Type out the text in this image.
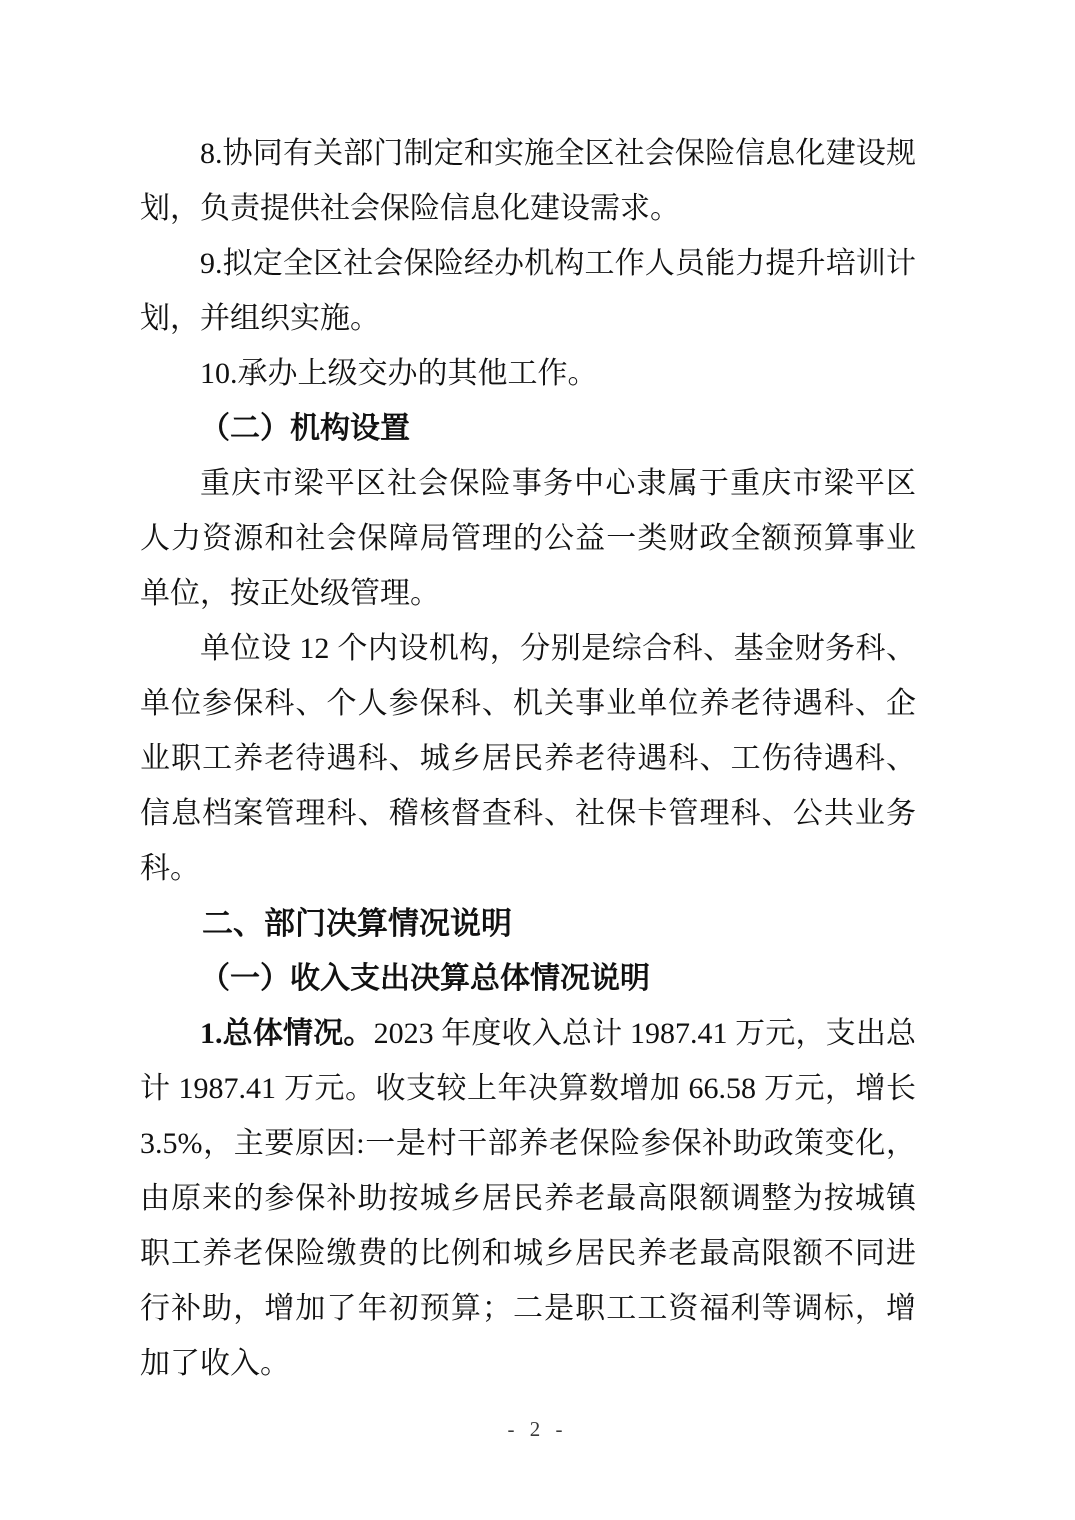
8.协同有关部门制定和实施全区社会保险信息化建设规划，负责提供社会保险信息化建设需求。

9.拟定全区社会保险经办机构工作人员能力提升培训计划，并组织实施。

10.承办上级交办的其他工作。

（二）机构设置

重庆市梁平区社会保险事务中心隶属于重庆市梁平区人力资源和社会保障局管理的公益一类财政全额预算事业单位，按正处级管理。

单位设 12 个内设机构，分别是综合科、基金财务科、单位参保科、个人参保科、机关事业单位养老待遇科、企业职工养老待遇科、城乡居民养老待遇科、工伤待遇科、信息档案管理科、稽核督查科、社保卡管理科、公共业务科。

二、部门决算情况说明

（一）收入支出决算总体情况说明

1.总体情况。2023 年度收入总计 1987.41 万元，支出总计 1987.41 万元。收支较上年决算数增加 66.58 万元，增长 3.5%，主要原因:一是村干部养老保险参保补助政策变化，由原来的参保补助按城乡居民养老最高限额调整为按城镇职工养老保险缴费的比例和城乡居民养老最高限额不同进行补助，增加了年初预算；二是职工工资福利等调标，增加了收入。

- 2 -
